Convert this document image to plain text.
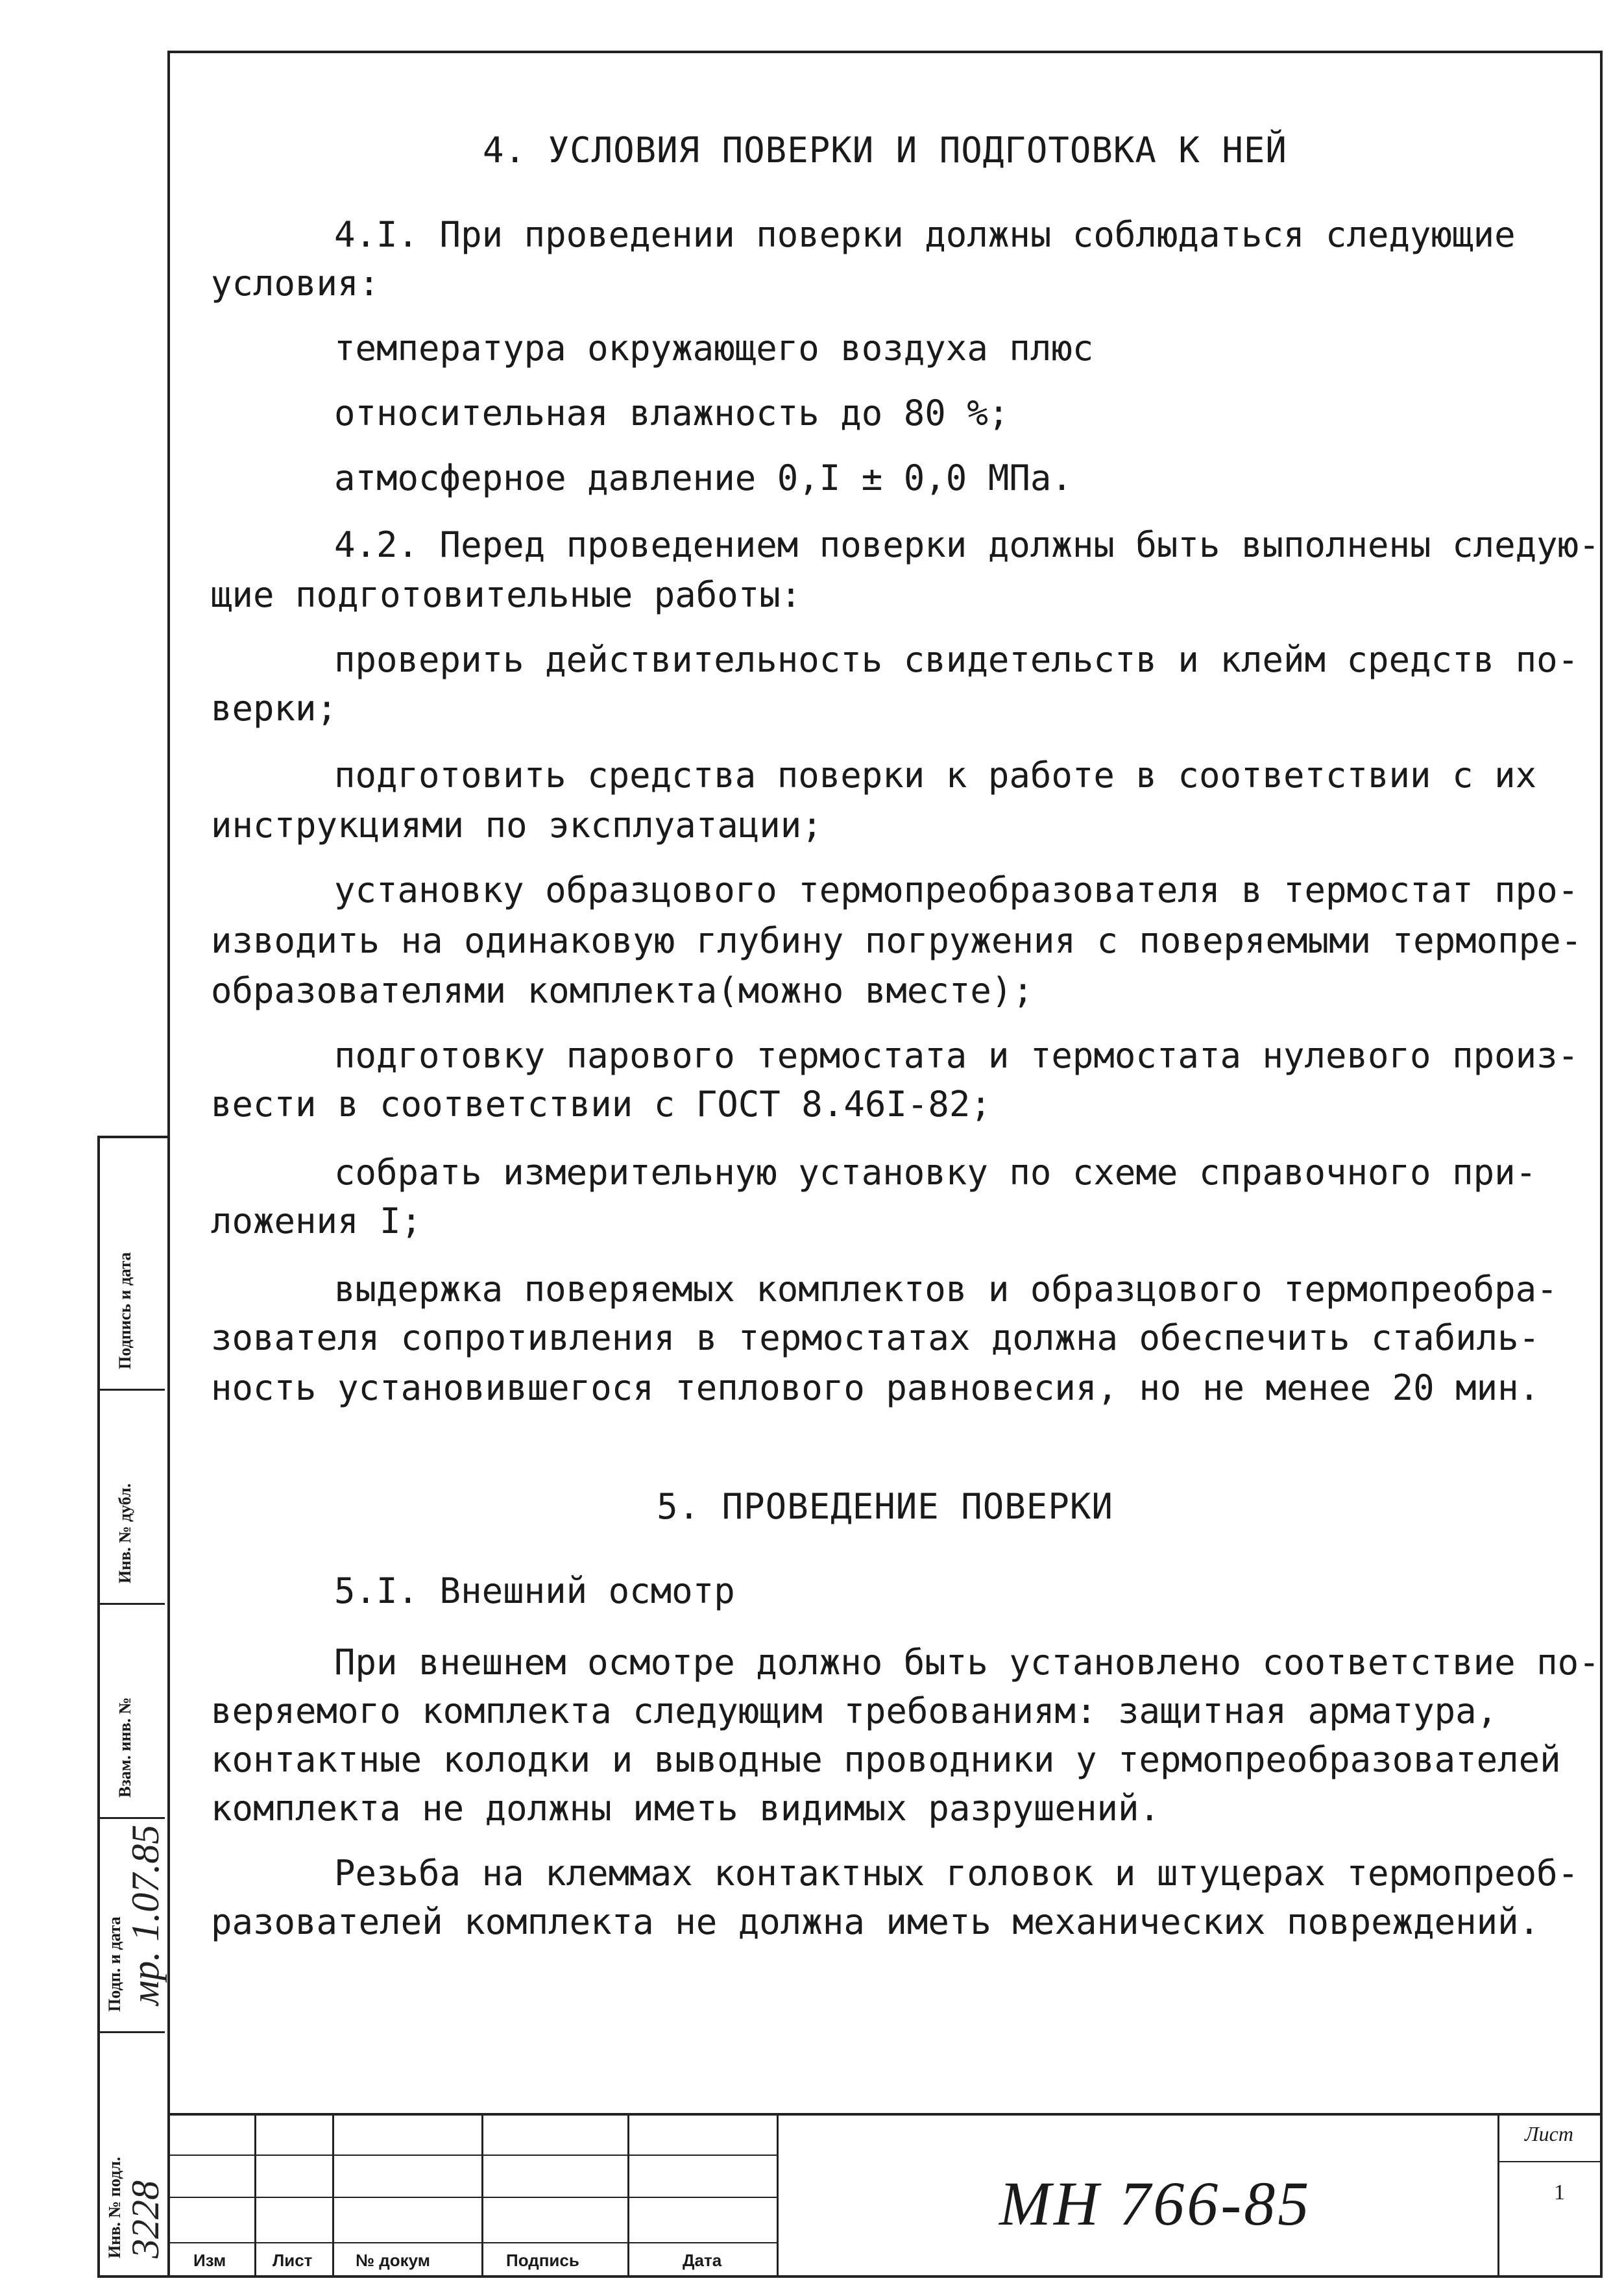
4. УСЛОВИЯ ПОВЕРКИ И ПОДГОТОВКА К НЕЙ
4.I. При проведении поверки должны соблюдаться следующие
условия:
температура окружающего воздуха плюс
относительная влажность до 80 %;
атмосферное давление 0,I ± 0,0 МПа.
4.2. Перед проведением поверки должны быть выполнены следую-
щие подготовительные работы:
проверить действительность свидетельств и клейм средств по-
верки;
подготовить средства поверки к работе в соответствии с их
инструкциями по эксплуатации;
установку образцового термопреобразователя в термостат про-
изводить на одинаковую глубину погружения с поверяемыми термопре-
образователями комплекта(можно вместе);
подготовку парового термостата и термостата нулевого произ-
вести в соответствии с ГОСТ 8.46I-82;
собрать измерительную установку по схеме справочного при-
ложения I;
выдержка поверяемых комплектов и образцового термопреобра-
зователя сопротивления в термостатах должна обеспечить стабиль-
ность установившегося теплового равновесия, но не менее 20 мин.
5. ПРОВЕДЕНИЕ ПОВЕРКИ
5.I. Внешний осмотр
При внешнем осмотре должно быть установлено соответствие по-
веряемого комплекта следующим требованиям: защитная арматура,
контактные колодки и выводные проводники у термопреобразователей
комплекта не должны иметь видимых разрушений.
Резьба на клеммах контактных головок и штуцерах термопреоб-
разователей комплекта не должна иметь механических повреждений.
Подпись и дата
Инв. № дубл.
Взам. инв. №
Подп. и дата мр. 1.07.85
Инв. № подл. 3228
Изм	Лист	№ докум	Подпись	Дата
МН 766-85
Лист
1
